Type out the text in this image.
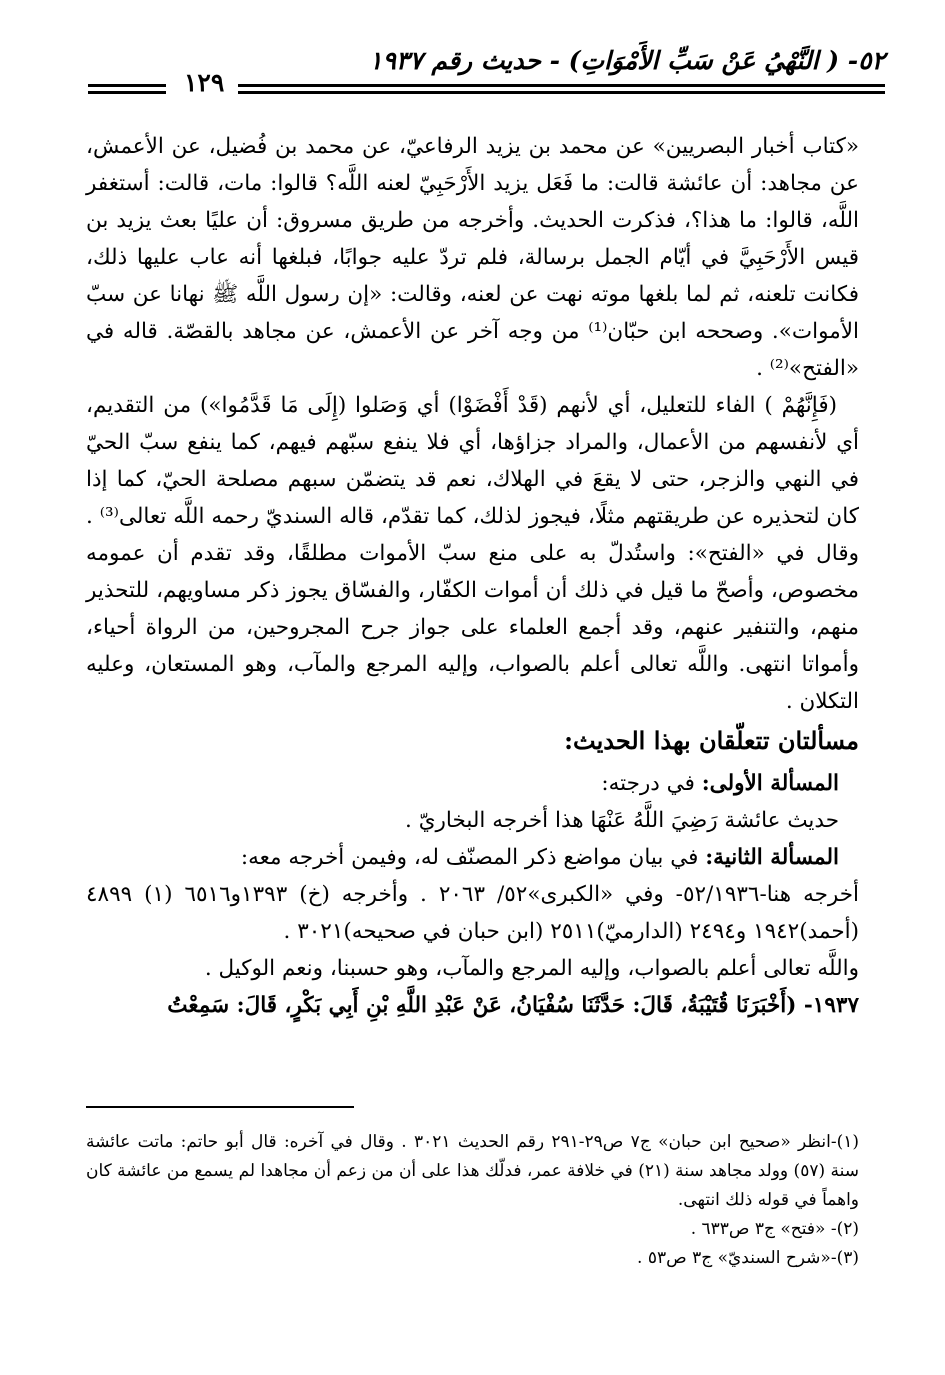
٥٢- ( النَّهْيُ عَنْ سَبِّ الأَمْوَاتِ) - حديث رقم ١٩٣٧
١٢٩

«كتاب أخبار البصريين» عن محمد بن يزيد الرفاعيّ، عن محمد بن فُضيل، عن الأعمش، عن مجاهد: أن عائشة قالت: ما فَعَل يزيد الأَرْحَبِيّ لعنه اللَّه؟ قالوا: مات، قالت: أستغفر اللَّه، قالوا: ما هذا؟، فذكرت الحديث. وأخرجه من طريق مسروق: أن عليًا بعث يزيد بن قيس الأَرْحَبِيَّ في أيّام الجمل برسالة، فلم تردّ عليه جوابًا، فبلغها أنه عاب عليها ذلك، فكانت تلعنه، ثم لما بلغها موته نهت عن لعنه، وقالت: «إن رسول اللَّه ﷺ نهانا عن سبّ الأموات». وصححه ابن حبّان⁽¹⁾ من وجه آخر عن الأعمش، عن مجاهد بالقصّة. قاله في «الفتح»⁽²⁾ .

(فَإِنَّهُمْ ) الفاء للتعليل، أي لأنهم (قَدْ أَفْضَوْا) أي وَصَلوا (إِلَى مَا قَدَّمُوا») من التقديم، أي لأنفسهم من الأعمال، والمراد جزاؤها، أي فلا ينفع سبّهم فيهم، كما ينفع سبّ الحيّ في النهي والزجر، حتى لا يقعَ في الهلاك، نعم قد يتضمّن سبهم مصلحة الحيّ، كما إذا كان لتحذيره عن طريقتهم مثلًا، فيجوز لذلك، كما تقدّم، قاله السنديّ رحمه اللَّه تعالى⁽³⁾ . وقال في «الفتح»: واستُدلّ به على منع سبّ الأموات مطلقًا، وقد تقدم أن عمومه مخصوص، وأصحّ ما قيل في ذلك أن أموات الكفّار، والفسّاق يجوز ذكر مساويهم، للتحذير منهم، والتنفير عنهم، وقد أجمع العلماء على جواز جرح المجروحين، من الرواة أحياء، وأمواتا انتهى. واللَّه تعالى أعلم بالصواب، وإليه المرجع والمآب، وهو المستعان، وعليه التكلان .

مسألتان تتعلّقان بهذا الحديث:

المسألة الأولى: في درجته:

حديث عائشة رَضِيَ اللَّهُ عَنْهَا هذا أخرجه البخاريّ .

المسألة الثانية: في بيان مواضع ذكر المصنّف له، وفيمن أخرجه معه:

أخرجه هنا-٥٢/١٩٣٦- وفي «الكبرى»٥٢/ ٢٠٦٣ . وأخرجه (خ) ١٣٩٣و٦٥١٦ (١) ٤٨٩٩ (أحمد)١٩٤٢ و٢٤٩٤ (الدارميّ)٢٥١١ (ابن حبان في صحيحه)٣٠٢١ .

واللَّه تعالى أعلم بالصواب، وإليه المرجع والمآب، وهو حسبنا، ونعم الوكيل .

١٩٣٧- (أَخْبَرَنَا قُتَيْبَةُ، قَالَ: حَدَّثَنَا سُفْيَانُ، عَنْ عَبْدِ اللَّهِ بْنِ أَبِي بَكْرٍ، قَالَ: سَمِعْتُ

(١)-انظر «صحيح ابن حبان» ج٧ ص٢٩-٢٩١ رقم الحديث ٣٠٢١ . وقال في آخره: قال أبو حاتم: ماتت عائشة سنة (٥٧) وولد مجاهد سنة (٢١) في خلافة عمر، فدلّك هذا على أن من زعم أن مجاهدا لم يسمع من عائشة كان واهماً في قوله ذلك انتهى.

(٢)- «فتح» ج٣ ص٦٣٣ .

(٣)-«شرح السنديّ» ج٣ ص٥٣ .
